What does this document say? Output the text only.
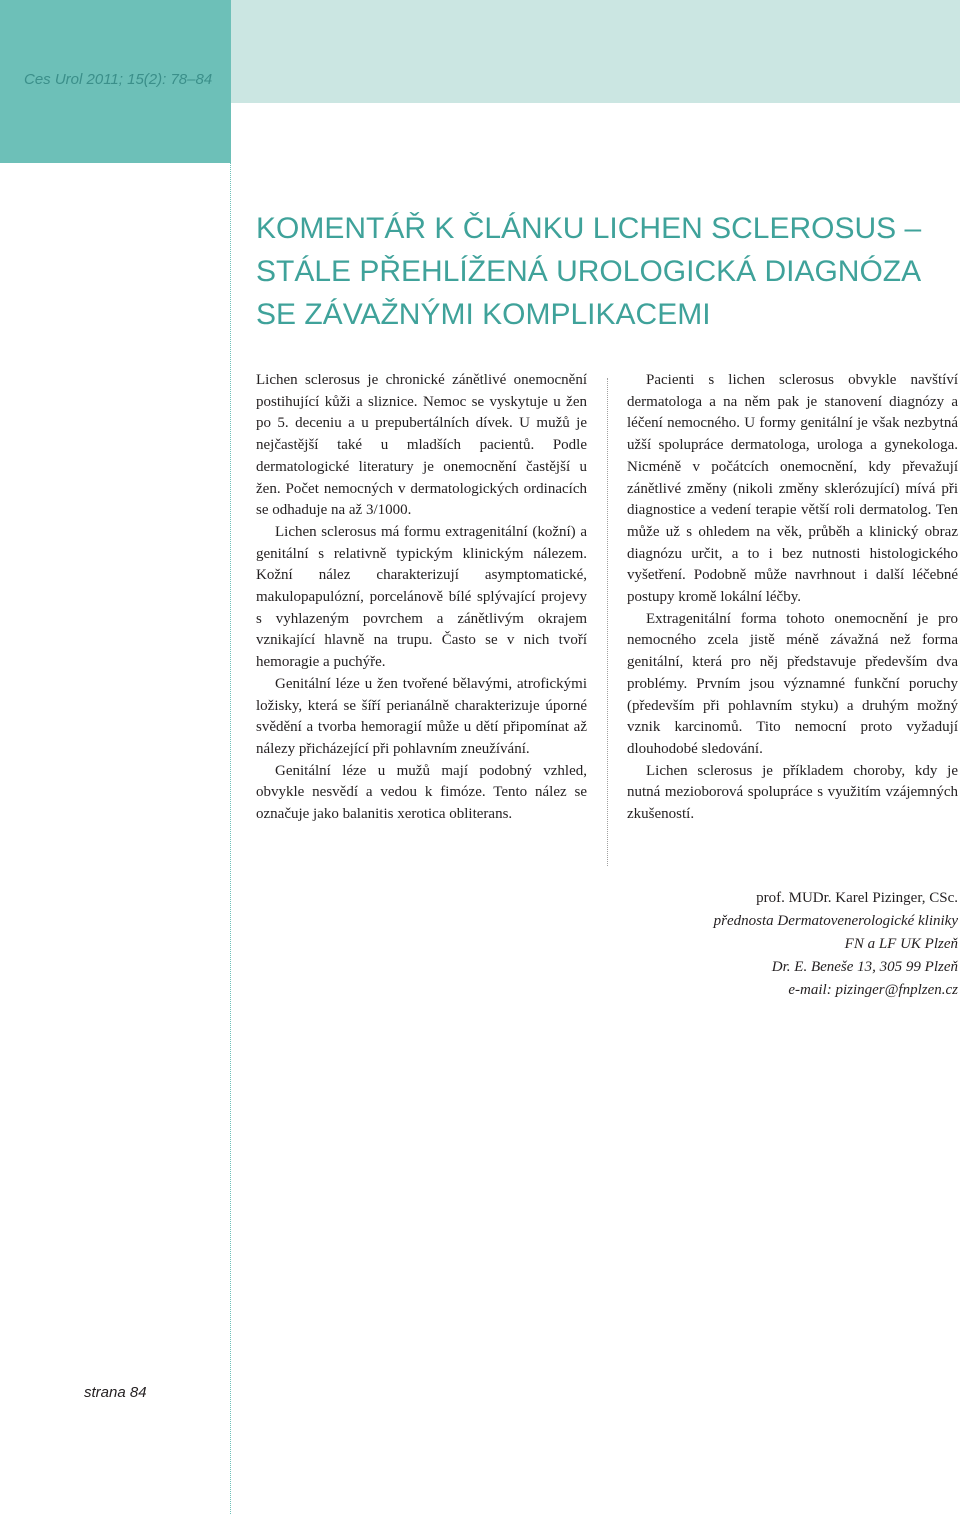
Ces Urol 2011; 15(2): 78–84
KOMENTÁŘ K ČLÁNKU LICHEN SCLEROSUS –
STÁLE PŘEHLÍŽENÁ UROLOGICKÁ DIAGNÓZA
SE ZÁVAŽNÝMI KOMPLIKACEMI

Lichen sclerosus je chronické zánětlivé onemocnění postihující kůži a sliznice. Nemoc se vyskytuje u žen po 5. deceniu a u prepubertálních dívek. U mužů je nejčastější také u mladších pacientů. Podle dermatologické literatury je onemocnění častější u žen. Počet nemocných v dermatologických ordinacích se odhaduje na až 3/1000.

Lichen sclerosus má formu extragenitální (kožní) a genitální s relativně typickým klinickým nálezem. Kožní nález charakterizují asymptomatické, makulopapulózní, porcelánově bílé splývající projevy s vyhlazeným povrchem a zánětlivým okrajem vznikající hlavně na trupu. Často se v nich tvoří hemoragie a puchýře.

Genitální léze u žen tvořené bělavými, atrofickými ložisky, která se šíří perianálně charakterizuje úporné svědění a tvorba hemoragií může u dětí připomínat až nálezy přicházející při pohlavním zneužívání.

Genitální léze u mužů mají podobný vzhled, obvykle nesvědí a vedou k fimóze. Tento nález se označuje jako balanitis xerotica obliterans.

Pacienti s lichen sclerosus obvykle navštíví dermatologa a na něm pak je stanovení diagnózy a léčení nemocného. U formy genitální je však nezbytná užší spolupráce dermatologa, urologa a gynekologa. Nicméně v počátcích onemocnění, kdy převažují zánětlivé změny (nikoli změny sklerózující) mívá při diagnostice a vedení terapie větší roli dermatolog. Ten může už s ohledem na věk, průběh a klinický obraz diagnózu určit, a to i bez nutnosti histologického vyšetření. Podobně může navrhnout i další léčebné postupy kromě lokální léčby.

Extragenitální forma tohoto onemocnění je pro nemocného zcela jistě méně závažná než forma genitální, která pro něj představuje především dva problémy. Prvním jsou významné funkční poruchy (především při pohlavním styku) a druhým možný vznik karcinomů. Tito nemocní proto vyžadují dlouhodobé sledování.

Lichen sclerosus je příkladem choroby, kdy je nutná mezioborová spolupráce s využitím vzájemných zkušeností.

prof. MUDr. Karel Pizinger, CSc.
přednosta Dermatovenerologické kliniky
FN a LF UK Plzeň
Dr. E. Beneše 13, 305 99 Plzeň
e-mail: pizinger@fnplzen.cz
strana 84
